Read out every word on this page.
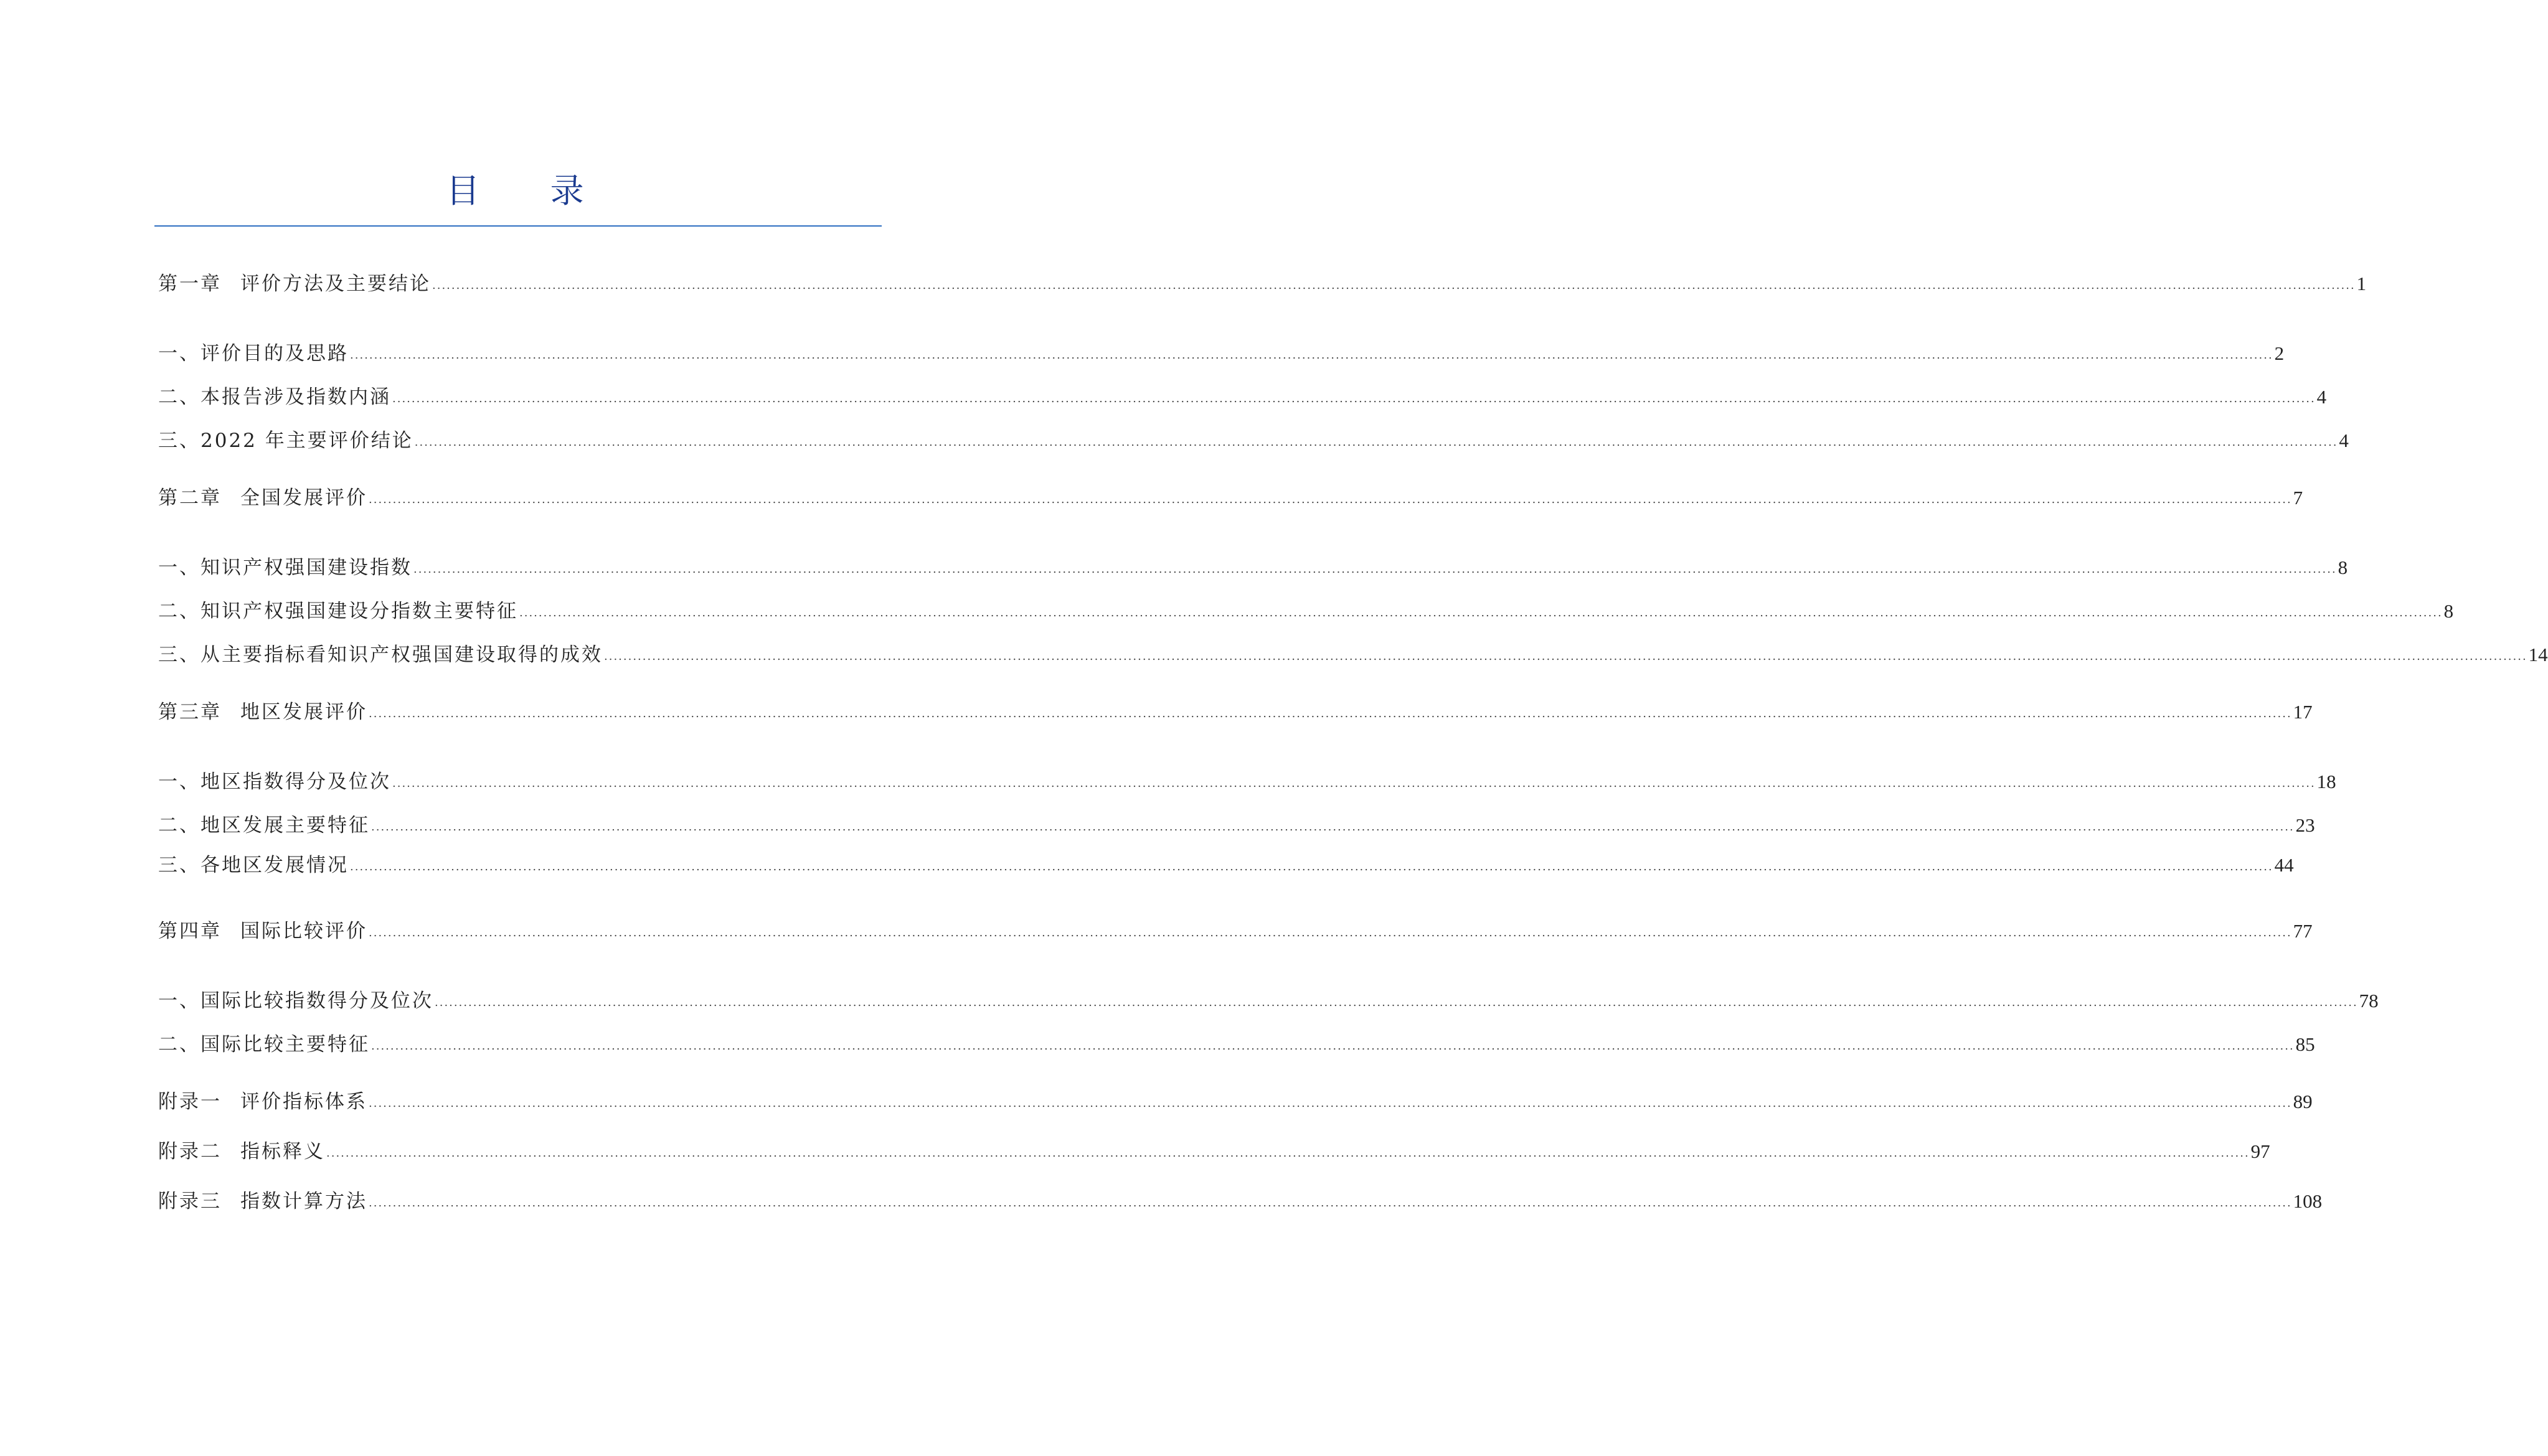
目 录
第一章 评价方法及主要结论 ................................................................................................................................................................................................................................................................................................................................................................................................................ 1
一、评价目的及思路 ................................................................................................................................................................................................................................................................................................................................................................................................................ 2
二、本报告涉及指数内涵 ................................................................................................................................................................................................................................................................................................................................................................................................................ 4
三、2022 年主要评价结论 ................................................................................................................................................................................................................................................................................................................................................................................................................ 4
第二章 全国发展评价 ................................................................................................................................................................................................................................................................................................................................................................................................................ 7
一、知识产权强国建设指数 ................................................................................................................................................................................................................................................................................................................................................................................................................ 8
二、知识产权强国建设分指数主要特征 ................................................................................................................................................................................................................................................................................................................................................................................................................ 8
三、从主要指标看知识产权强国建设取得的成效 ................................................................................................................................................................................................................................................................................................................................................................................................................ 14
第三章 地区发展评价 ................................................................................................................................................................................................................................................................................................................................................................................................................ 17
一、地区指数得分及位次 ................................................................................................................................................................................................................................................................................................................................................................................................................ 18
二、地区发展主要特征 ................................................................................................................................................................................................................................................................................................................................................................................................................ 23
三、各地区发展情况 ................................................................................................................................................................................................................................................................................................................................................................................................................ 44
第四章 国际比较评价 ................................................................................................................................................................................................................................................................................................................................................................................................................ 77
一、国际比较指数得分及位次 ................................................................................................................................................................................................................................................................................................................................................................................................................ 78
二、国际比较主要特征 ................................................................................................................................................................................................................................................................................................................................................................................................................ 85
附录一 评价指标体系 ................................................................................................................................................................................................................................................................................................................................................................................................................ 89
附录二 指标释义 ................................................................................................................................................................................................................................................................................................................................................................................................................ 97
附录三 指数计算方法 ................................................................................................................................................................................................................................................................................................................................................................................................................ 108
